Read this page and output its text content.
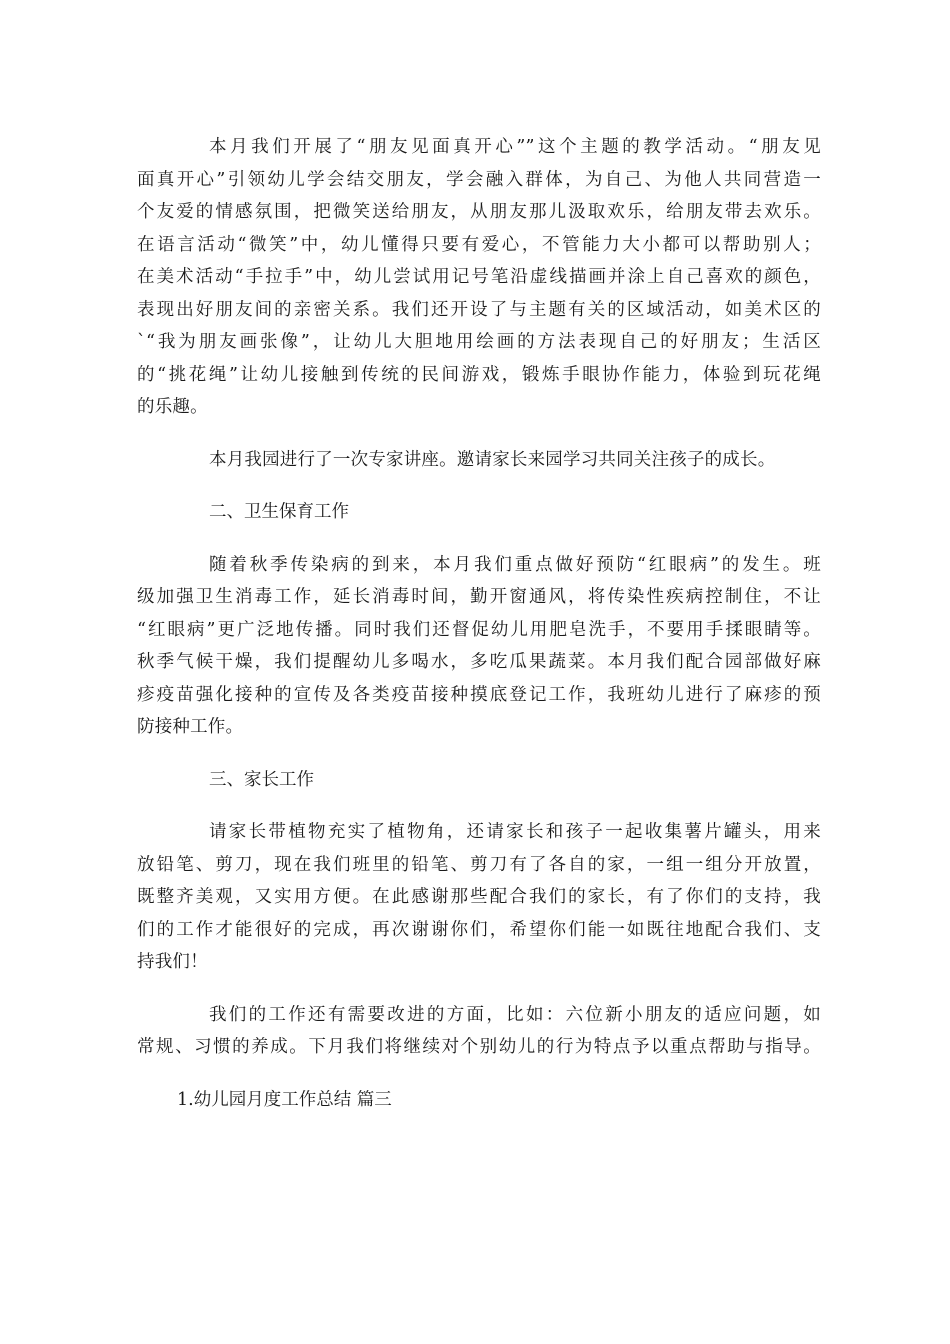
本月我们开展了“朋友见面真开心””这个主题的教学活动。“朋友见
面真开心”引领幼儿学会结交朋友，学会融入群体，为自己、为他人共同营造一
个友爱的情感氛围，把微笑送给朋友，从朋友那儿汲取欢乐，给朋友带去欢乐。
在语言活动“微笑”中，幼儿懂得只要有爱心，不管能力大小都可以帮助别人；
在美术活动“手拉手”中，幼儿尝试用记号笔沿虚线描画并涂上自己喜欢的颜色，
表现出好朋友间的亲密关系。我们还开设了与主题有关的区域活动，如美术区的
`“我为朋友画张像”，让幼儿大胆地用绘画的方法表现自己的好朋友；生活区
的“挑花绳”让幼儿接触到传统的民间游戏，锻炼手眼协作能力，体验到玩花绳
的乐趣。
本月我园进行了一次专家讲座。邀请家长来园学习共同关注孩子的成长。
二、卫生保育工作
随着秋季传染病的到来，本月我们重点做好预防“红眼病”的发生。班
级加强卫生消毒工作，延长消毒时间，勤开窗通风，将传染性疾病控制住，不让
“红眼病”更广泛地传播。同时我们还督促幼儿用肥皂洗手，不要用手揉眼睛等。
秋季气候干燥，我们提醒幼儿多喝水，多吃瓜果蔬菜。本月我们配合园部做好麻
疹疫苗强化接种的宣传及各类疫苗接种摸底登记工作，我班幼儿进行了麻疹的预
防接种工作。
三、家长工作
请家长带植物充实了植物角，还请家长和孩子一起收集薯片罐头，用来
放铅笔、剪刀，现在我们班里的铅笔、剪刀有了各自的家，一组一组分开放置，
既整齐美观，又实用方便。在此感谢那些配合我们的家长，有了你们的支持，我
们的工作才能很好的完成，再次谢谢你们，希望你们能一如既往地配合我们、支
持我们！
我们的工作还有需要改进的方面，比如：六位新小朋友的适应问题，如
常规、习惯的养成。下月我们将继续对个别幼儿的行为特点予以重点帮助与指导。
1.幼儿园月度工作总结 篇三
